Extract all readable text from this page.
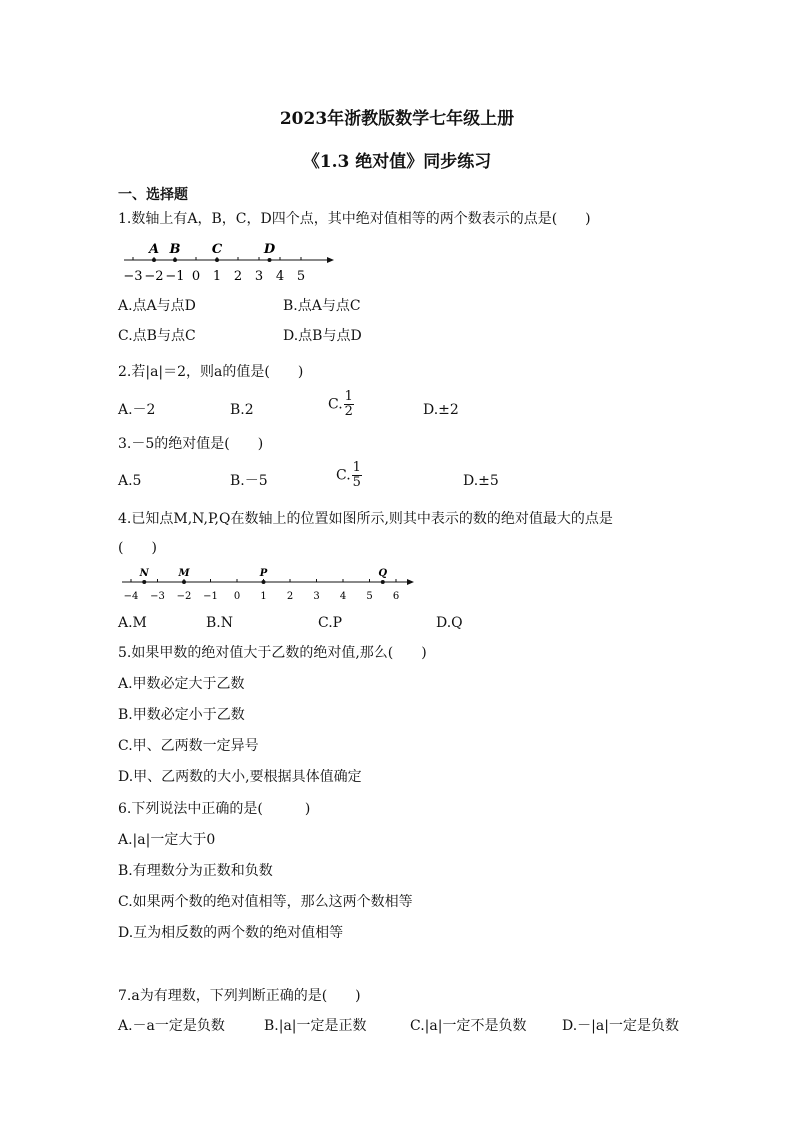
2023年浙教版数学七年级上册
《1.3 绝对值》同步练习
一、选择题
1.数轴上有A，B，C，D四个点，其中绝对值相等的两个数表示的点是(　　)
−3 −2 −1 0 1 2 3 4 5
A B C	D
A.点A与点D	B.点A与点C
C.点B与点C	D.点B与点D
2.若|a|＝2，则a的值是(　　)
A.－2	B.2	C. $\frac{1}{2}$	D.±2
3.－5的绝对值是(　　)
A.5	B.－5	C. $\frac{1}{5}$	D.±5
4.已知点M,N,P,Q在数轴上的位置如图所示,则其中表示的数的绝对值最大的点是
(　　)
−4 −3 −2 −1 0 1 2 3 4 5 6
N	M	P	Q
A.M	B.N	C.P	D.Q
5.如果甲数的绝对值大于乙数的绝对值,那么(　　)
A.甲数必定大于乙数
B.甲数必定小于乙数
C.甲、乙两数一定异号
D.甲、乙两数的大小,要根据具体值确定
6.下列说法中正确的是(　　　)
A.|a|一定大于0
B.有理数分为正数和负数
C.如果两个数的绝对值相等，那么这两个数相等
D.互为相反数的两个数的绝对值相等
7.a为有理数，下列判断正确的是(　　)
A.－a一定是负数	B.|a|一定是正数	C.|a|一定不是负数	D.－|a|一定是负数
